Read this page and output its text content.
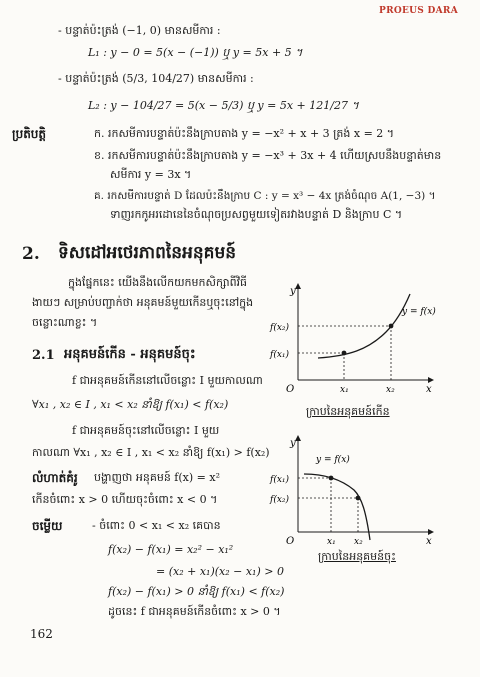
PROEUS DARA
- បន្ទាត់ប៉ះត្រង់ (−1, 0) មានសមីការ :
L₁ : y − 0 = 5(x − (−1)) ឬ y = 5x + 5 ។
- បន្ទាត់ប៉ះត្រង់ (5/3, 104/27) មានសមីការ :
L₂ : y − 104/27 = 5(x − 5/3) ឬ y = 5x + 121/27 ។
ប្រតិបត្តិ	ក. រកសមីការបន្ទាត់ប៉ះនឹងក្រាបតាង y = −x² + x + 3 ត្រង់ x = 2 ។
ខ. រកសមីការបន្ទាត់ប៉ះនឹងក្រាបតាង y = −x³ + 3x + 4 ហើយស្របនឹងបន្ទាត់មាន
សមីការ y = 3x ។
គ. រកសមីការបន្ទាត់ D ដែលប៉ះនឹងក្រាប C : y = x³ − 4x ត្រង់ចំណុច A(1, −3) ។
ទាញរកកូអរដោនេនៃចំណុចប្រសព្វមួយទៀតរវាងបន្ទាត់ D និងក្រាប C ។
2. ទិសដៅអថេរភាពនៃអនុគមន៍
ក្នុងផ្នែកនេះ យើងនឹងលើកយកមកសិក្សាពីវិធី
ងាយៗ សម្រាប់បញ្ជាក់ថា អនុគមន៍មួយកើនឬចុះនៅក្នុង
ចន្លោះណាខ្លះ ។
2.1 អនុគមន៍កើន - អនុគមន៍ចុះ
f ជាអនុគមន៍កើននៅលើចន្លោះ I មួយកាលណា
∀x₁ , x₂ ∈ I , x₁ < x₂ នាំឱ្យ f(x₁) < f(x₂)
f ជាអនុគមន៍ចុះនៅលើចន្លោះ I មួយ
កាលណា ∀x₁ , x₂ ∈ I , x₁ < x₂ នាំឱ្យ f(x₁) > f(x₂)
លំហាត់គំរូ បង្ហាញថា អនុគមន៍ f(x) = x²
កើនចំពោះ x > 0 ហើយចុះចំពោះ x < 0 ។
ចម្លើយ	- ចំពោះ 0 < x₁ < x₂ គេបាន
f(x₂) − f(x₁) = x₂² − x₁²
= (x₂ + x₁)(x₂ − x₁) > 0
f(x₂) − f(x₁) > 0 នាំឱ្យ f(x₁) < f(x₂)
ដូចនេះ f ជាអនុគមន៍កើនចំពោះ x > 0 ។
162
y
x
O
f(x₂)
f(x₁)
x₁	x₂
y = f(x)
ក្រាបនៃអនុគមន៍កើន
y
x
O
f(x₁)
f(x₂)
x₁ x₂
y = f(x)
ក្រាបនៃអនុគមន៍ចុះ
